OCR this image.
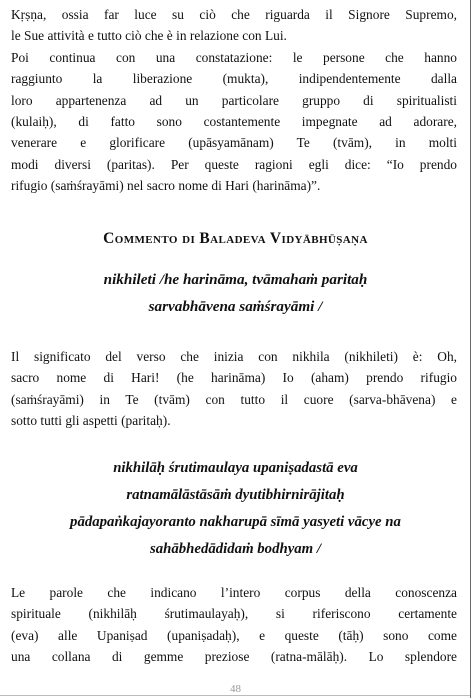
Kṛṣṇa, ossia far luce su ciò che riguarda il Signore Supremo,
le Sue attività e tutto ciò che è in relazione con Lui.
Poi continua con una constatazione: le persone che hanno
raggiunto la liberazione (mukta), indipendentemente dalla
loro appartenenza ad un particolare gruppo di spiritualisti
(kulaiḥ), di fatto sono costantemente impegnate ad adorare,
venerare e glorificare (upāsyamānam) Te (tvām), in molti
modi diversi (paritas). Per queste ragioni egli dice: “Io prendo
rifugio (saṁśrayāmi) nel sacro nome di Hari (harināma)”.
Commento di Baladeva Vidyābhūṣaṇa
nikhileti /he harināma, tvāmahaṁ paritaḥ
sarvabhāvena saṁśrayāmi /
Il significato del verso che inizia con nikhila (nikhileti) è: Oh,
sacro nome di Hari! (he harināma) Io (aham) prendo rifugio
(saṁśrayāmi) in Te (tvām) con tutto il cuore (sarva-bhāvena) e
sotto tutti gli aspetti (paritaḥ).
nikhilāḥ śrutimaulaya upaniṣadastā eva
ratnamālāstāsāṁ dyutibhirnirājitaḥ
pādapaṅkajayoranto nakharupā sīmā yasyeti vācye na
sahābhedādidaṁ bodhyam /
Le parole che indicano l’intero corpus della conoscenza
spirituale (nikhilāḥ śrutimaulayaḥ), si riferiscono certamente
(eva) alle Upaniṣad (upaniṣadaḥ), e queste (tāḥ) sono come
una collana di gemme preziose (ratna-mālāḥ). Lo splendore
48
